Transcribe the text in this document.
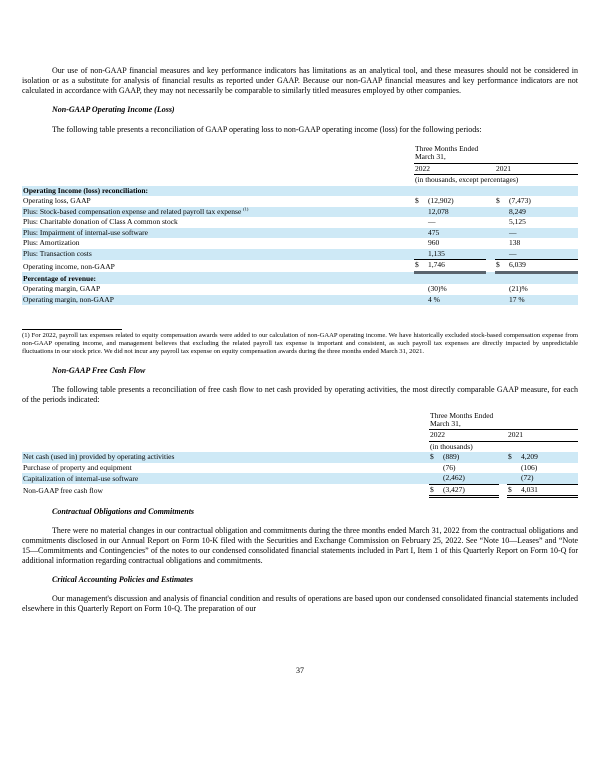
Our use of non-GAAP financial measures and key performance indicators has limitations as an analytical tool, and these measures should not be considered in isolation or as a substitute for analysis of financial results as reported under GAAP. Because our non-GAAP financial measures and key performance indicators are not calculated in accordance with GAAP, they may not necessarily be comparable to similarly titled measures employed by other companies.

Non-GAAP Operating Income (Loss)

The following table presents a reconciliation of GAAP operating loss to non-GAAP operating income (loss) for the following periods:

	Three Months Ended
March 31,				

	2022			2021	
	(in thousands, except percentages)				
Operating Income (loss) reconciliation:					
Operating loss, GAAP	$	(12,902)		$	(7,473)
Plus: Stock-based compensation expense and related payroll tax expense $^{(1)}$		12,078			8,249
Plus: Charitable donation of Class A common stock		—			5,125
Plus: Impairment of internal-use software		475			—
Plus: Amortization		960			138
Plus: Transaction costs		1,135			—
Operating income, non-GAAP	$	1,746		$	6,039
Percentage of revenue:					
Operating margin, GAAP		(30)%			(21)%
Operating margin, non-GAAP		4 %			17 %

(1) For 2022, payroll tax expenses related to equity compensation awards were added to our calculation of non-GAAP operating income. We have historically excluded stock-based compensation expense from non-GAAP operating income, and management believes that excluding the related payroll tax expense is important and consistent, as such payroll tax expenses are directly impacted by unpredictable fluctuations in our stock price. We did not incur any payroll tax expense on equity compensation awards during the three months ended March 31, 2021.

Non-GAAP Free Cash Flow

The following table presents a reconciliation of free cash flow to net cash provided by operating activities, the most directly comparable GAAP measure, for each of the periods indicated:

	Three Months Ended
March 31,				

	2022			2021	
	(in thousands)				
Net cash (used in) provided by operating activities	$	(889)		$	4,209
Purchase of property and equipment		(76)			(106)
Capitalization of internal-use software		(2,462)			(72)
Non-GAAP free cash flow	$	(3,427)		$	4,031
Contractual Obligations and Commitments

There were no material changes in our contractual obligation and commitments during the three months ended March 31, 2022 from the contractual obligations and commitments disclosed in our Annual Report on Form 10-K filed with the Securities and Exchange Commission on February 25, 2022. See “Note 10—Leases” and “Note 15—Commitments and Contingencies” of the notes to our condensed consolidated financial statements included in Part I, Item 1 of this Quarterly Report on Form 10-Q for additional information regarding contractual obligations and commitments.

Critical Accounting Policies and Estimates

Our management's discussion and analysis of financial condition and results of operations are based upon our condensed consolidated financial statements included elsewhere in this Quarterly Report on Form 10-Q. The preparation of our

37
